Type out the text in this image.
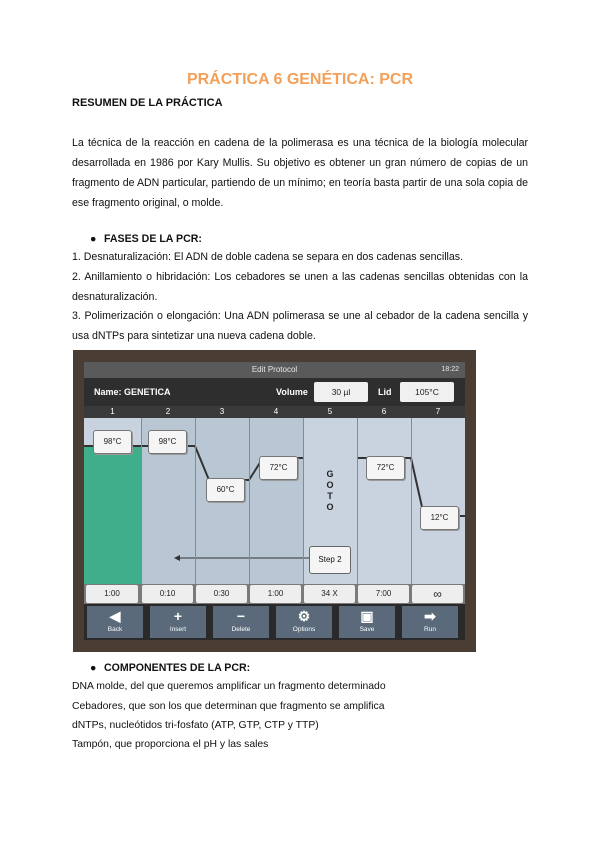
PRÁCTICA 6 GENÉTICA: PCR
RESUMEN DE LA PRÁCTICA

La técnica de la reacción en cadena de la polimerasa es una técnica de la biología molecular desarrollada en 1986 por Kary Mullis. Su objetivo es obtener un gran número de copias de un fragmento de ADN particular, partiendo de un mínimo; en teoría basta partir de una sola copia de ese fragmento original, o molde.

● FASES DE LA PCR:

1. Desnaturalización: El ADN de doble cadena se separa en dos cadenas sencillas.

2. Anillamiento o hibridación: Los cebadores se unen a las cadenas sencillas obtenidas con la desnaturalización.

3. Polimerización o elongación: Una ADN polimerasa se une al cebador de la cadena sencilla y usa dNTPs para sintetizar una nueva cadena doble.

Edit Protocol	18:22
Name: GENETICA	Volume	30 µl	Lid	105°C
1	2	3	4	5	6	7
98°C	98°C
60°C
72°C
G
O
T
O
72°C
12°C
Step 2
1:00	0:10	0:30	1:00	34 X	7:00	∞
◀
Back
+
Insert
−
Delete
⚙
Options
▣
Save
➡
Run

● COMPONENTES DE LA PCR:

DNA molde, del que queremos amplificar un fragmento determinado

Cebadores, que son los que determinan que fragmento se amplifica

dNTPs, nucleótidos tri-fosfato (ATP, GTP, CTP y TTP)

Tampón, que proporciona el pH y las sales
